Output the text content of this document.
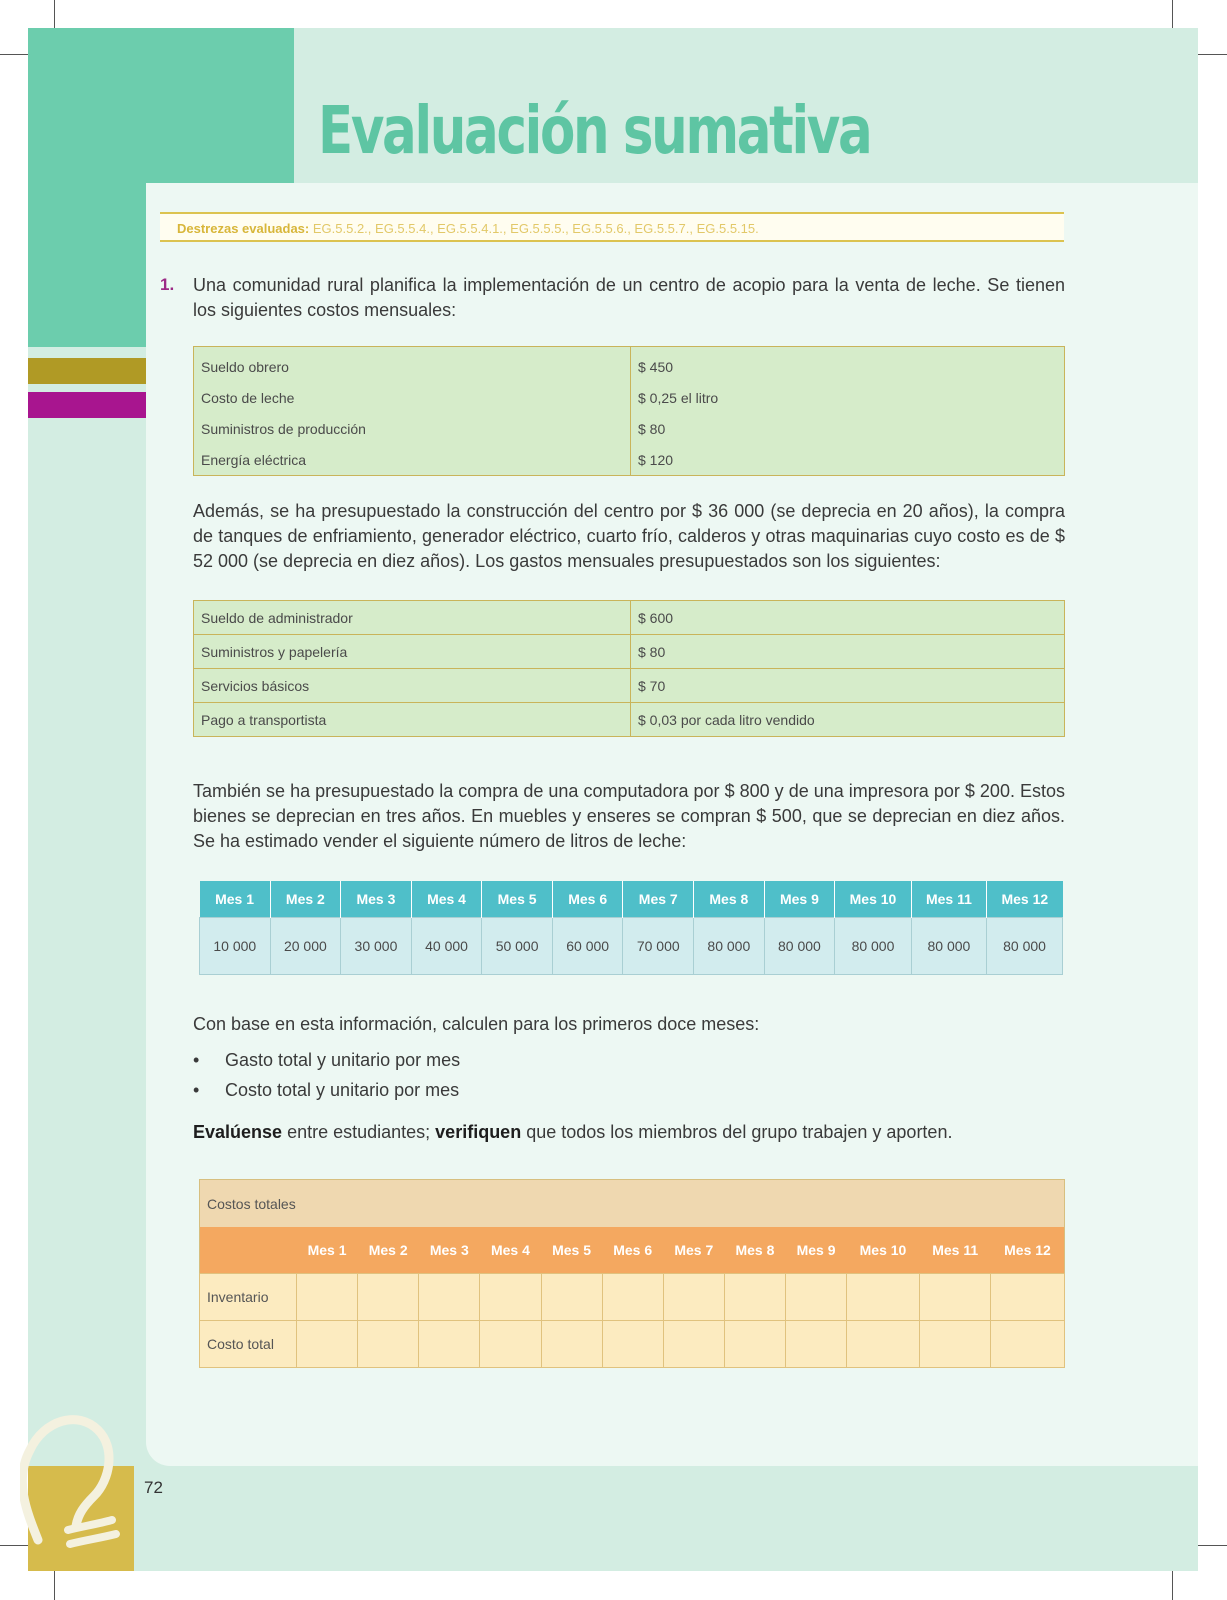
Evaluación sumativa
Destrezas evaluadas: EG.5.5.2., EG.5.5.4., EG.5.5.4.1., EG.5.5.5., EG.5.5.6., EG.5.5.7., EG.5.5.15.
1. Una comunidad rural planifica la implementación de un centro de acopio para la venta de leche. Se tienen los siguientes costos mensuales:

Sueldo obrero	$ 450
Costo de leche	$ 0,25 el litro
Suministros de producción	$ 80
Energía eléctrica	$ 120

Además, se ha presupuestado la construcción del centro por $ 36 000 (se deprecia en 20 años), la compra de tanques de enfriamiento, generador eléctrico, cuarto frío, calderos y otras maquinarias cuyo costo es de $ 52 000 (se deprecia en diez años). Los gastos mensuales presupuestados son los siguientes:

Sueldo de administrador	$ 600
Suministros y papelería	$ 80
Servicios básicos	$ 70
Pago a transportista	$ 0,03 por cada litro vendido

También se ha presupuestado la compra de una computadora por $ 800 y de una impresora por $ 200. Estos bienes se deprecian en tres años. En muebles y enseres se compran $ 500, que se deprecian en diez años. Se ha estimado vender el siguiente número de litros de leche:

Mes 1	Mes 2	Mes 3	Mes 4	Mes 5	Mes 6	Mes 7	Mes 8	Mes 9	Mes 10	Mes 11	Mes 12
10 000	20 000	30 000	40 000	50 000	60 000	70 000	80 000	80 000	80 000	80 000	80 000

Con base en esta información, calculen para los primeros doce meses:

• Gasto total y unitario por mes
• Costo total y unitario por mes

Evalúense entre estudiantes; verifiquen que todos los miembros del grupo trabajen y aporten.

Costos totales												
	Mes 1	Mes 2	Mes 3	Mes 4	Mes 5	Mes 6	Mes 7	Mes 8	Mes 9	Mes 10	Mes 11	Mes 12
Inventario												
Costo total												
72
